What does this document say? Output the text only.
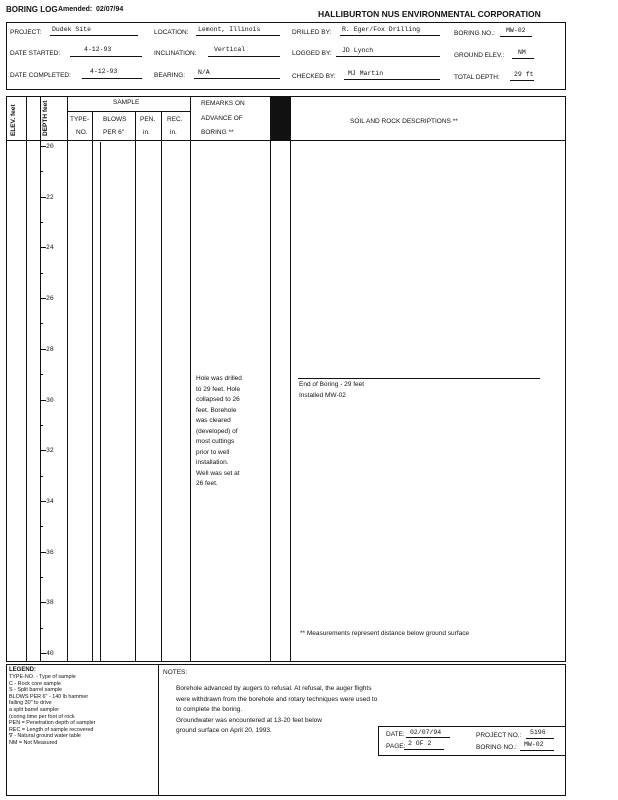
BORING LOG Amended: 02/07/94	HALLIBURTON NUS ENVIRONMENTAL CORPORATION
PROJECT: Dudek Site	LOCATION: Lemont, Illinois	DRILLED BY: R. Eger/Fox Drilling
BORING NO.: MW-02
DATE STARTED:
4-12-93
INCLINATION:
Vertical
LOGGED BY: JD Lynch
GROUND ELEV.: NM
DATE COMPLETED:
4-12-93
BEARING: N/A
CHECKED BY: MJ Martin
TOTAL DEPTH: 29 ft
ELEV. feet	DEPTH feet	SAMPLE
TYPE-
NO.
BLOWS
PER 6"
PEN.
in.
REC.
in.
REMARKS ON
ADVANCE OF
BORING **
SOIL AND ROCK DESCRIPTIONS **
20
22
24
26
28
30
32
34
36
38
40
Hole was drilled
to 29 feet. Hole
collapsed to 26
feet. Borehole
was cleared
(developed) of
most cuttings
prior to well
installation.
Well was set at
26 feet.
End of Boring - 29 feet
Installed MW-02
** Measurements represent distance below ground surface
LEGEND:
TYPE-NO. - Type of sample
C - Rock core sample
S - Split barrel sample
BLOWS PER 6" - 140 lb hammer
falling 30" to drive
a split barrel sampler
(coring time per foot of rock
PEN = Penetration depth of sampler
REC = Length of sample recovered
∇ - Natural ground water table
NM = Not Measured
NOTES:
Borehole advanced by augers to refusal. At refusal, the auger flights
were withdrawn from the borehole and rotary techniques were used to
to complete the boring.
Groundwater was encountered at 13-20 feet below
ground surface on April 20, 1993.
DATE: 02/07/94	PROJECT NO.: 5196
PAGE: 2 OF 2
BORING NO.: MW-02
